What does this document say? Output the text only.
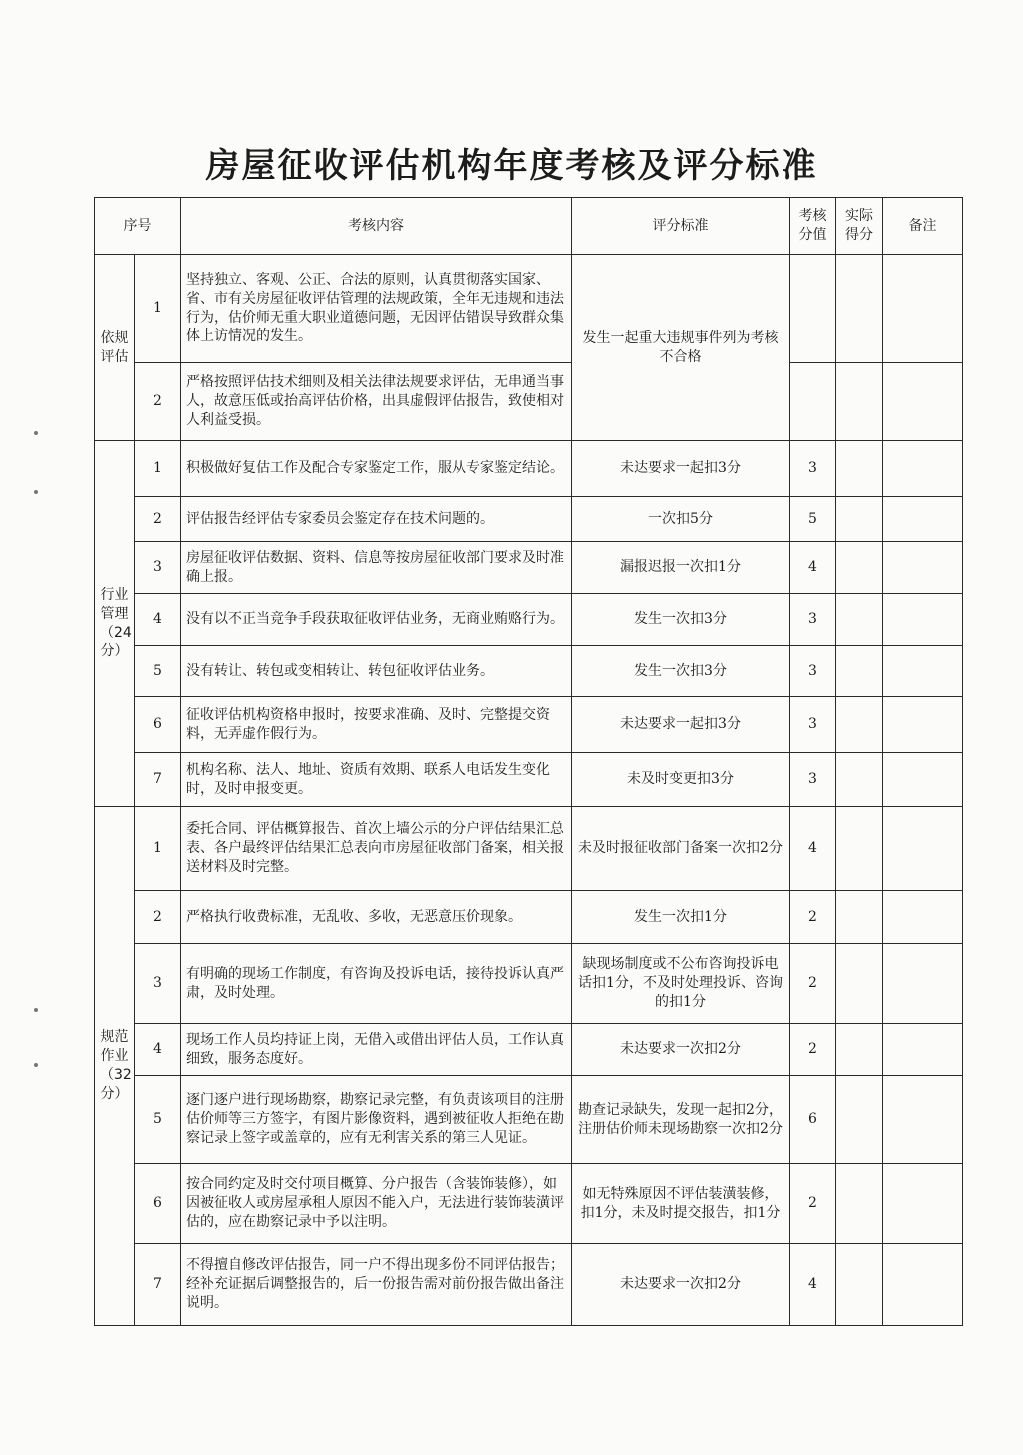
房屋征收评估机构年度考核及评分标准
序号		考核内容	评分标准	考核分值	实际得分	备注
依规评估	1	坚持独立、客观、公正、合法的原则，认真贯彻落实国家、省、市有关房屋征收评估管理的法规政策，全年无违规和违法行为，估价师无重大职业道德问题，无因评估错误导致群众集体上访情况的发生。	发生一起重大违规事件列为考核不合格			
	2	严格按照评估技术细则及相关法律法规要求评估，无串通当事人，故意压低或抬高评估价格，出具虚假评估报告，致使相对人利益受损。				
行业管理（24分）	1	积极做好复估工作及配合专家鉴定工作，服从专家鉴定结论。	未达要求一起扣3分	3		
	2	评估报告经评估专家委员会鉴定存在技术问题的。	一次扣5分	5		
	3	房屋征收评估数据、资料、信息等按房屋征收部门要求及时准确上报。	漏报迟报一次扣1分	4		
	4	没有以不正当竞争手段获取征收评估业务，无商业贿赂行为。	发生一次扣3分	3		
	5	没有转让、转包或变相转让、转包征收评估业务。	发生一次扣3分	3		
	6	征收评估机构资格申报时，按要求准确、及时、完整提交资料，无弄虚作假行为。	未达要求一起扣3分	3		
	7	机构名称、法人、地址、资质有效期、联系人电话发生变化时，及时申报变更。	未及时变更扣3分	3		
规范作业（32分）	1	委托合同、评估概算报告、首次上墙公示的分户评估结果汇总表、各户最终评估结果汇总表向市房屋征收部门备案，相关报送材料及时完整。	未及时报征收部门备案一次扣2分	4		
	2	严格执行收费标准，无乱收、多收，无恶意压价现象。	发生一次扣1分	2		
	3	有明确的现场工作制度，有咨询及投诉电话，接待投诉认真严肃，及时处理。	缺现场制度或不公布咨询投诉电话扣1分，不及时处理投诉、咨询的扣1分	2		
	4	现场工作人员均持证上岗，无借入或借出评估人员，工作认真细致，服务态度好。	未达要求一次扣2分	2		
	5	逐门逐户进行现场勘察，勘察记录完整，有负责该项目的注册估价师等三方签字，有图片影像资料，遇到被征收人拒绝在勘察记录上签字或盖章的，应有无利害关系的第三人见证。	勘查记录缺失，发现一起扣2分，注册估价师未现场勘察一次扣2分	6		
	6	按合同约定及时交付项目概算、分户报告（含装饰装修），如因被征收人或房屋承租人原因不能入户，无法进行装饰装潢评估的，应在勘察记录中予以注明。	如无特殊原因不评估装潢装修，扣1分，未及时提交报告，扣1分	2		
	7	不得擅自修改评估报告，同一户不得出现多份不同评估报告；经补充证据后调整报告的，后一份报告需对前份报告做出备注说明。	未达要求一次扣2分	4		
